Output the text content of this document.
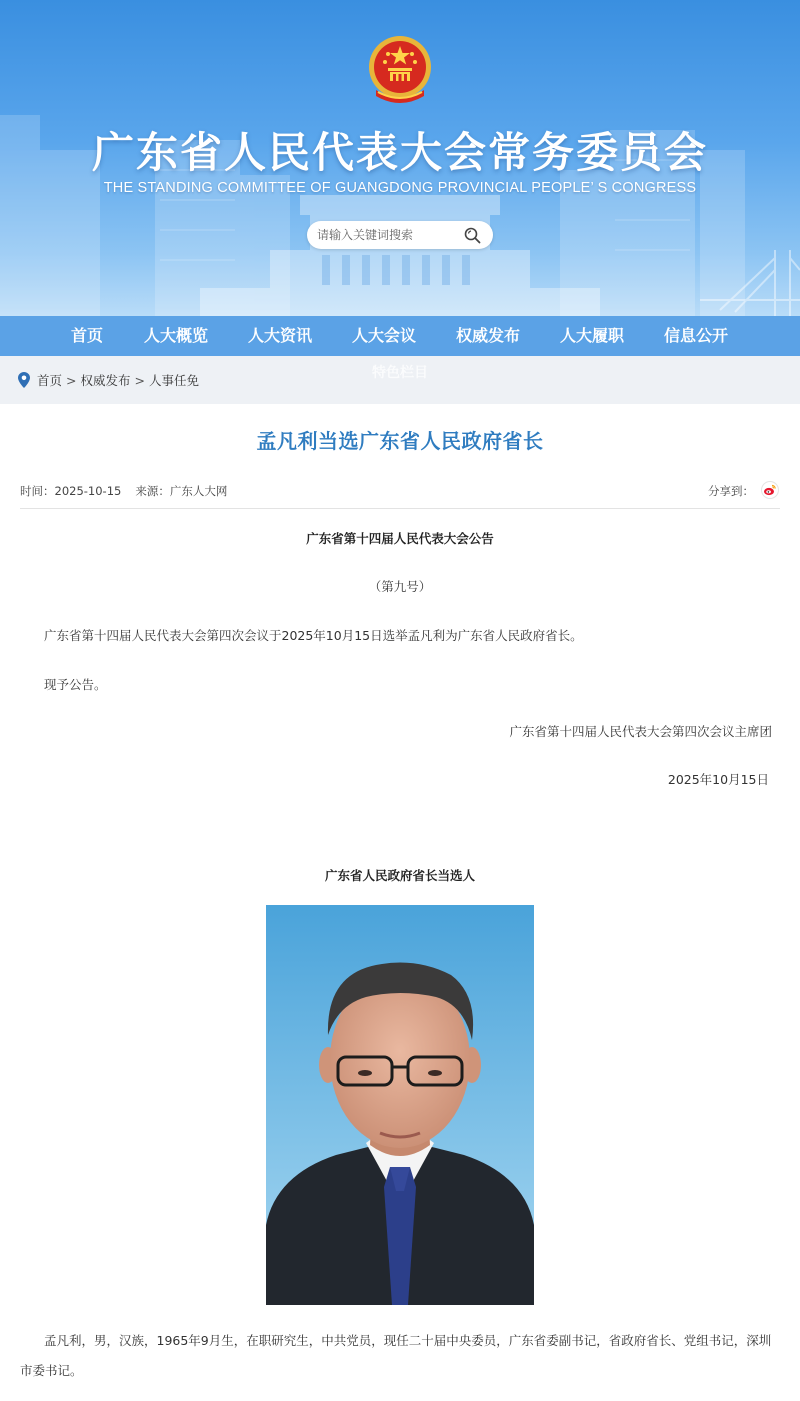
广东省人民代表大会常务委员会
THE STANDING COMMITTEE OF GUANGDONG PROVINCIAL PEOPLE’ S CONGRESS
请输入关键词搜索
首页	人大概览 人大资讯 人大会议 权威发布 人大履职 信息公开
首页 > 权威发布 > 人事任免	特色栏目
孟凡利当选广东省人民政府省长
时间：2025-10-15 来源：广东人大网	分享到：
广东省第十四届人民代表大会公告
（第九号）
广东省第十四届人民代表大会第四次会议于2025年10月15日选举孟凡利为广东省人民政府省长。
现予公告。
广东省第十四届人民代表大会第四次会议主席团
2025年10月15日
广东省人民政府省长当选人
孟凡利，男，汉族，1965年9月生，在职研究生，中共党员，现任二十届中央委员，广东省委副书记，省政府省长、党组书记，深圳市委书记。
